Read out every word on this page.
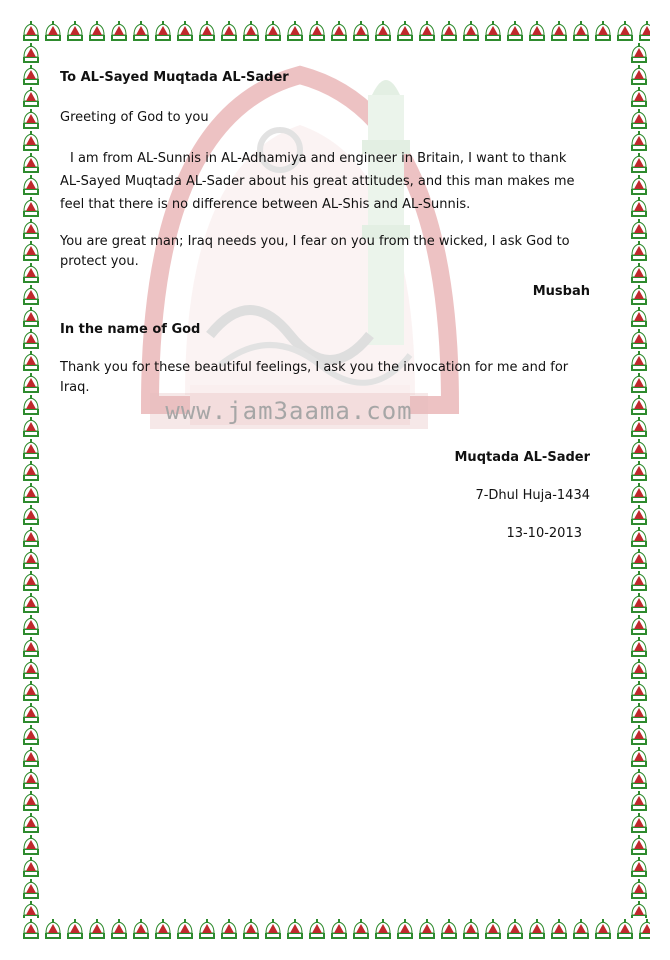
www.jam3aama.com

To AL-Sayed Muqtada AL-Sader

Greeting of God to you

I am from AL-Sunnis in AL-Adhamiya and engineer in Britain, I want to thank AL-Sayed Muqtada AL-Sader about his great attitudes, and this man makes me feel that there is no difference between AL-Shis and AL-Sunnis.

You are great man; Iraq needs you, I fear on you from the wicked, I ask God to protect you.

Musbah

In the name of God

Thank you for these beautiful feelings, I ask you the invocation for me and for Iraq.

Muqtada AL-Sader

7-Dhul Huja-1434

13-10-2013
